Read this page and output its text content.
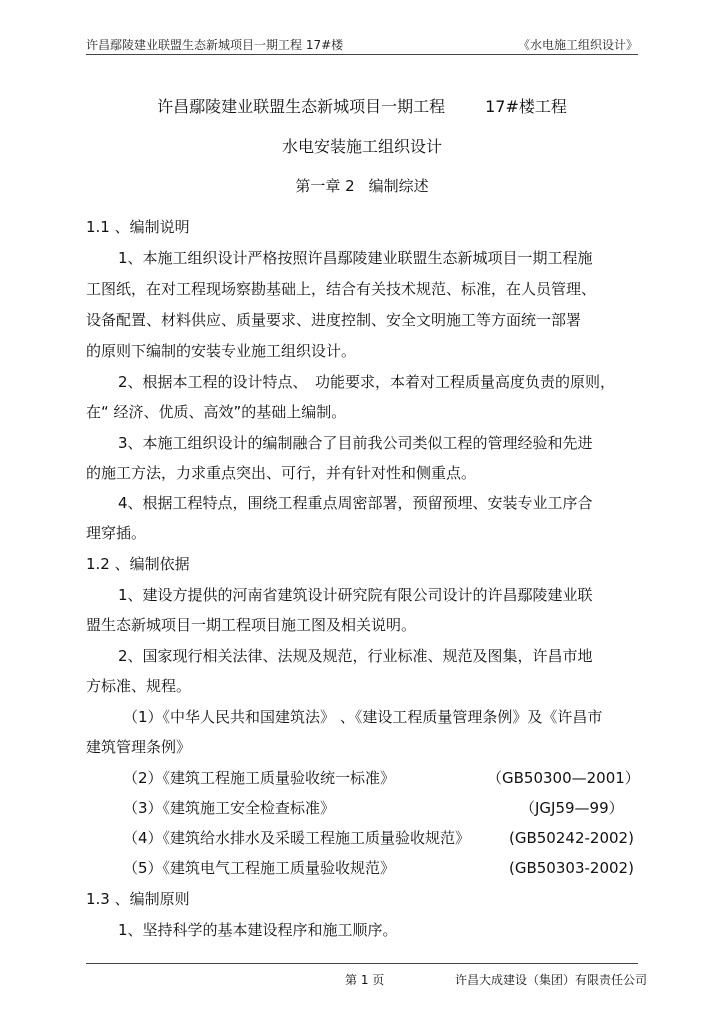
许昌鄢陵建业联盟生态新城项目一期工程 17#楼	《水电施工组织设计》
许昌鄢陵建业联盟生态新城项目一期工程	17#楼工程
水电安装施工组织设计
第一章 2 编制综述
1.1 、编制说明
1、本施工组织设计严格按照许昌鄢陵建业联盟生态新城项目一期工程施
工图纸，在对工程现场察勘基础上，结合有关技术规范、标准，在人员管理、
设备配置、材料供应、质量要求、进度控制、安全文明施工等方面统一部署
的原则下编制的安装专业施工组织设计。
2、根据本工程的设计特点、　功能要求，本着对工程质量高度负责的原则，
在“ 经济、优质、高效”的基础上编制。
3、本施工组织设计的编制融合了目前我公司类似工程的管理经验和先进
的施工方法，力求重点突出、可行，并有针对性和侧重点。
4、根据工程特点，围绕工程重点周密部署，预留预埋、安装专业工序合
理穿插。
1.2 、编制依据
1、建设方提供的河南省建筑设计研究院有限公司设计的许昌鄢陵建业联
盟生态新城项目一期工程项目施工图及相关说明。
2、国家现行相关法律、法规及规范，行业标准、规范及图集，许昌市地
方标准、规程。
（1）《中华人民共和国建筑法》 、《建设工程质量管理条例》及《许昌市
建筑管理条例》
（2）《建筑工程施工质量验收统一标准》	（GB50300—2001）
（3）《建筑施工安全检查标准》	（JGJ59—99）
（4）《建筑给水排水及采暖工程施工质量验收规范》	(GB50242-2002)
（5）《建筑电气工程施工质量验收规范》	(GB50303-2002)
1.3 、编制原则
1、坚持科学的基本建设程序和施工顺序。
第 1 页	许昌大成建设（集团）有限责任公司
